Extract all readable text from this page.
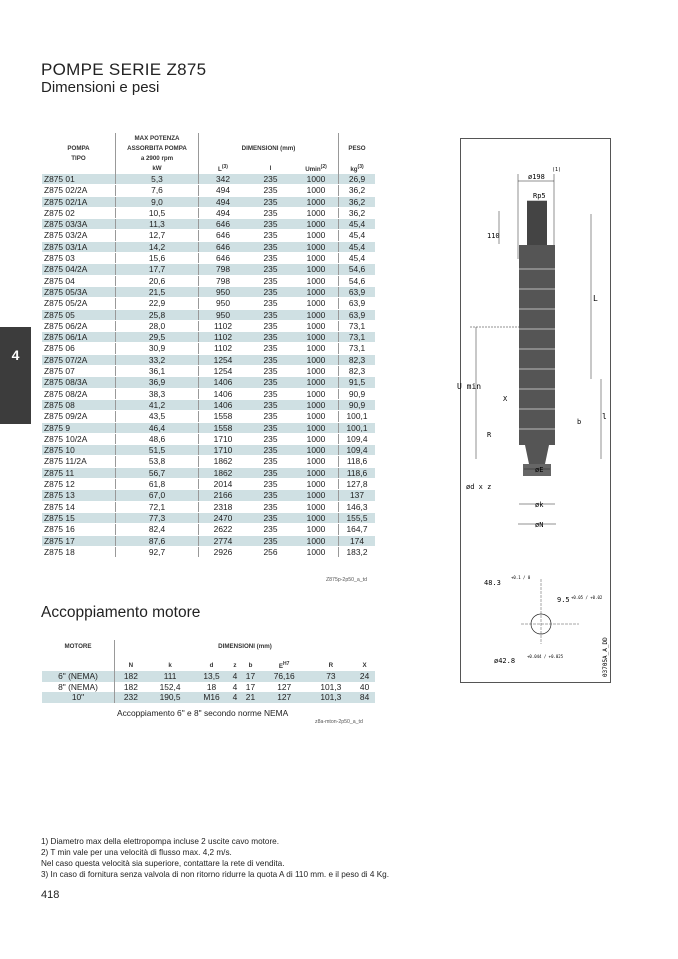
POMPE SERIE Z875
Dimensioni e pesi
4
	MAX POTENZA				
POMPA	ASSORBITA POMPA	DIMENSIONI (mm)			PESO
TIPO	a 2900 rpm				
	kW	$L^{(3)}$	l	Umin$^{(2)}$	$kg^{(3)}$
Z875 01	5,3	342	235	1000	26,9
Z875 02/2A	7,6	494	235	1000	36,2
Z875 02/1A	9,0	494	235	1000	36,2
Z875 02	10,5	494	235	1000	36,2
Z875 03/3A	11,3	646	235	1000	45,4
Z875 03/2A	12,7	646	235	1000	45,4
Z875 03/1A	14,2	646	235	1000	45,4
Z875 03	15,6	646	235	1000	45,4
Z875 04/2A	17,7	798	235	1000	54,6
Z875 04	20,6	798	235	1000	54,6
Z875 05/3A	21,5	950	235	1000	63,9
Z875 05/2A	22,9	950	235	1000	63,9
Z875 05	25,8	950	235	1000	63,9
Z875 06/2A	28,0	1102	235	1000	73,1
Z875 06/1A	29,5	1102	235	1000	73,1
Z875 06	30,9	1102	235	1000	73,1
Z875 07/2A	33,2	1254	235	1000	82,3
Z875 07	36,1	1254	235	1000	82,3
Z875 08/3A	36,9	1406	235	1000	91,5
Z875 08/2A	38,3	1406	235	1000	90,9
Z875 08	41,2	1406	235	1000	90,9
Z875 09/2A	43,5	1558	235	1000	100,1
Z875 9	46,4	1558	235	1000	100,1
Z875 10/2A	48,6	1710	235	1000	109,4
Z875 10	51,5	1710	235	1000	109,4
Z875 11/2A	53,8	1862	235	1000	118,6
Z875 11	56,7	1862	235	1000	118,6
Z875 12	61,8	2014	235	1000	127,8
Z875 13	67,0	2166	235	1000	137
Z875 14	72,1	2318	235	1000	146,3
Z875 15	77,3	2470	235	1000	155,5
Z875 16	82,4	2622	235	1000	164,7
Z875 17	87,6	2774	235	1000	174
Z875 18	92,7	2926	256	1000	183,2
Z875p-2p50_a_td
Accoppiamento motore
MOTORE	DIMENSIONI (mm)							

	N	k	d	z	b	$E^{H7}$	R	X
6" (NEMA)	182	111	13,5	4	17	76,16	73	24
8" (NEMA)	182	152,4	18	4	17	127	101,3	40
10"	232	190,5	M16	4	21	127	101,3	84
Accoppiamento 6" e 8" secondo norme NEMA
z8a-mton-2p50_a_td
ø198
(1)
Rp5
110
L
l
U min
X
R
b
øE
ød x z
øk
øN
48.3
+0.1 / 0
9.5 +0.05 / +0.02
ø42.8
+0.044 / +0.025	03705A_A_DD
1) Diametro max della elettropompa incluse 2 uscite cavo motore.
2) T min vale per una velocità di flusso max. 4,2 m/s.
Nel caso questa velocità sia superiore, contattare la rete di vendita.
3) In caso di fornitura senza valvola di non ritorno ridurre la quota A di 110 mm. e il peso di 4 Kg.
418
